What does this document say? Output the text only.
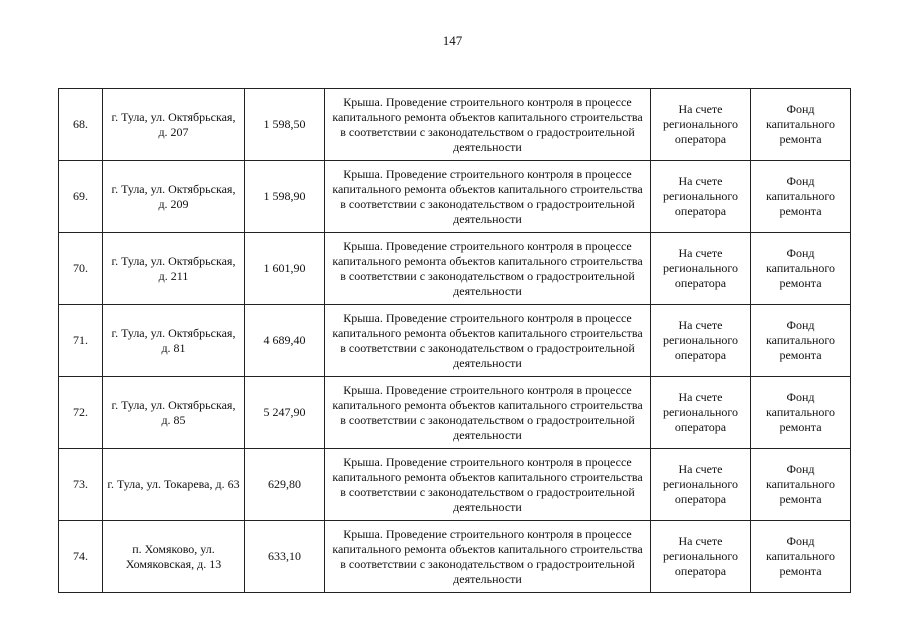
147
68.	г. Тула, ул. Октябрьская, д. 207	1 598,50	Крыша. Проведение строительного контроля в процессе капитального ремонта объектов капитального строительства в соответствии с законодательством о градостроительной деятельности	На счете регионального оператора	Фонд капитального ремонта
69.	г. Тула, ул. Октябрьская, д. 209	1 598,90	Крыша. Проведение строительного контроля в процессе капитального ремонта объектов капитального строительства в соответствии с законодательством о градостроительной деятельности	На счете регионального оператора	Фонд капитального ремонта
70.	г. Тула, ул. Октябрьская, д. 211	1 601,90	Крыша. Проведение строительного контроля в процессе капитального ремонта объектов капитального строительства в соответствии с законодательством о градостроительной деятельности	На счете регионального оператора	Фонд капитального ремонта
71.	г. Тула, ул. Октябрьская, д. 81	4 689,40	Крыша. Проведение строительного контроля в процессе капитального ремонта объектов капитального строительства в соответствии с законодательством о градостроительной деятельности	На счете регионального оператора	Фонд капитального ремонта
72.	г. Тула, ул. Октябрьская, д. 85	5 247,90	Крыша. Проведение строительного контроля в процессе капитального ремонта объектов капитального строительства в соответствии с законодательством о градостроительной деятельности	На счете регионального оператора	Фонд капитального ремонта
73.	г. Тула, ул. Токарева, д. 63	629,80	Крыша. Проведение строительного контроля в процессе капитального ремонта объектов капитального строительства в соответствии с законодательством о градостроительной деятельности	На счете регионального оператора	Фонд капитального ремонта
74.	п. Хомяково, ул. Хомяковская, д. 13	633,10	Крыша. Проведение строительного контроля в процессе капитального ремонта объектов капитального строительства в соответствии с законодательством о градостроительной деятельности	На счете регионального оператора	Фонд капитального ремонта
